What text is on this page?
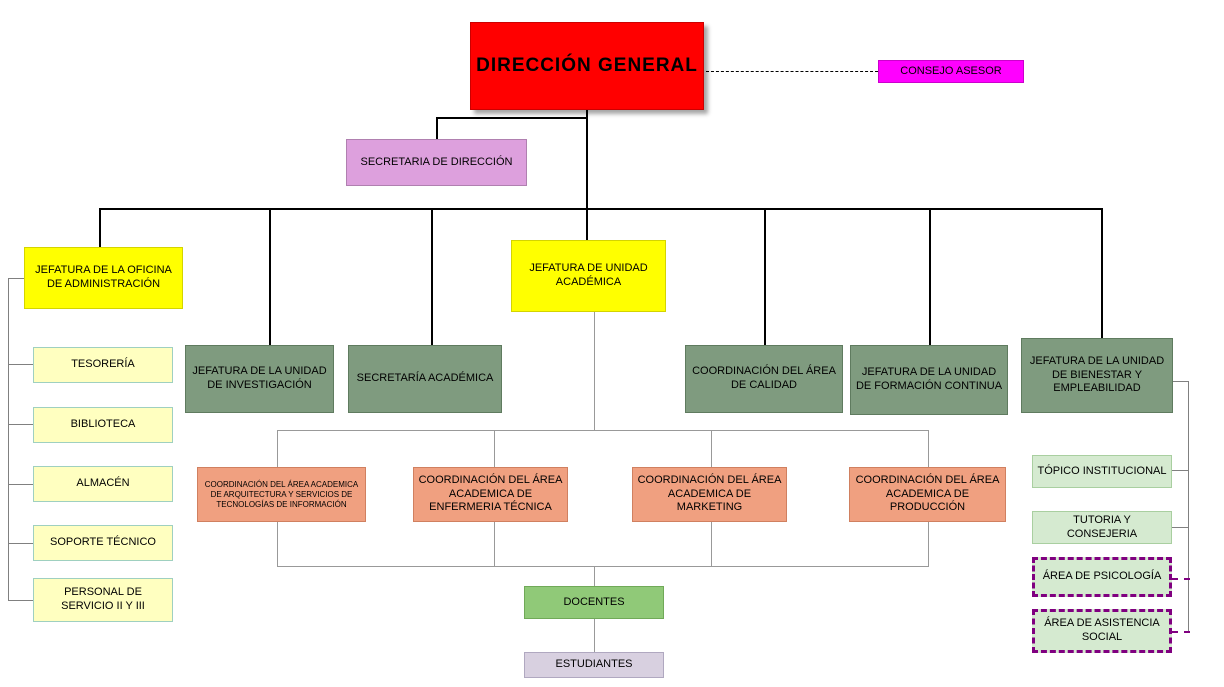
DIRECCIÓN GENERAL	CONSEJO ASESOR
SECRETARIA DE DIRECCIÓN
JEFATURA DE LA OFICINA DE ADMINISTRACIÓN
JEFATURA DE UNIDAD ACADÉMICA
JEFATURA DE LA UNIDAD DE INVESTIGACIÓN
SECRETARÍA ACADÉMICA
COORDINACIÓN DEL ÁREA DE CALIDAD
JEFATURA DE LA UNIDAD DE FORMACIÓN CONTINUA
JEFATURA DE LA UNIDAD DE BIENESTAR Y EMPLEABILIDAD
TESORERÍA
BIBLIOTECA
ALMACÉN
SOPORTE TÉCNICO
PERSONAL DE SERVICIO II Y III
COORDINACIÓN DEL ÁREA ACADEMICA DE ARQUITECTURA Y SERVICIOS DE TECNOLOGÍAS DE INFORMACIÓN
COORDINACIÓN DEL ÁREA ACADEMICA DE ENFERMERIA TÉCNICA
COORDINACIÓN DEL ÁREA ACADEMICA DE MARKETING
COORDINACIÓN DEL ÁREA ACADEMICA DE PRODUCCIÓN
TÓPICO INSTITUCIONAL
TUTORIA Y CONSEJERIA
ÁREA DE PSICOLOGÍA
ÁREA DE ASISTENCIA SOCIAL
DOCENTES
ESTUDIANTES
